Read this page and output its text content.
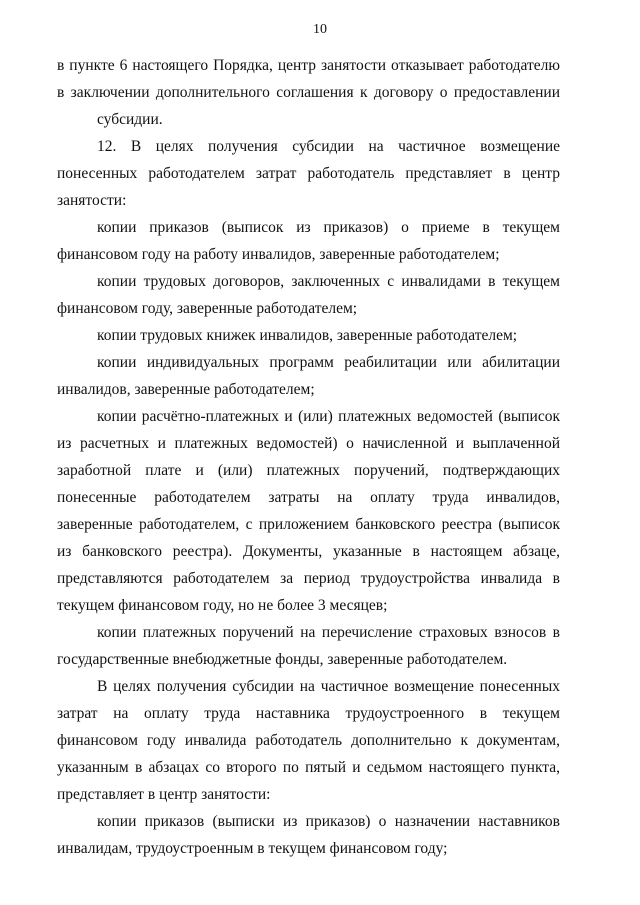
10
в пункте 6 настоящего Порядка, центр занятости отказывает работодателю
в заключении дополнительного соглашения к договору о предоставлении
субсидии.
12. В целях получения субсидии на частичное возмещение
понесенных работодателем затрат работодатель представляет в центр
занятости:
копии приказов (выписок из приказов) о приеме в текущем
финансовом году на работу инвалидов, заверенные работодателем;
копии трудовых договоров, заключенных с инвалидами в текущем
финансовом году, заверенные работодателем;
копии трудовых книжек инвалидов, заверенные работодателем;
копии индивидуальных программ реабилитации или абилитации
инвалидов, заверенные работодателем;
копии расчётно-платежных и (или) платежных ведомостей (выписок
из расчетных и платежных ведомостей) о начисленной и выплаченной
заработной плате и (или) платежных поручений, подтверждающих
понесенные работодателем затраты на оплату труда инвалидов,
заверенные работодателем, с приложением банковского реестра (выписок
из банковского реестра). Документы, указанные в настоящем абзаце,
представляются работодателем за период трудоустройства инвалида в
текущем финансовом году, но не более 3 месяцев;
копии платежных поручений на перечисление страховых взносов в
государственные внебюджетные фонды, заверенные работодателем.
В целях получения субсидии на частичное возмещение понесенных
затрат на оплату труда наставника трудоустроенного в текущем
финансовом году инвалида работодатель дополнительно к документам,
указанным в абзацах со второго по пятый и седьмом настоящего пункта,
представляет в центр занятости:
копии приказов (выписки из приказов) о назначении наставников
инвалидам, трудоустроенным в текущем финансовом году;
